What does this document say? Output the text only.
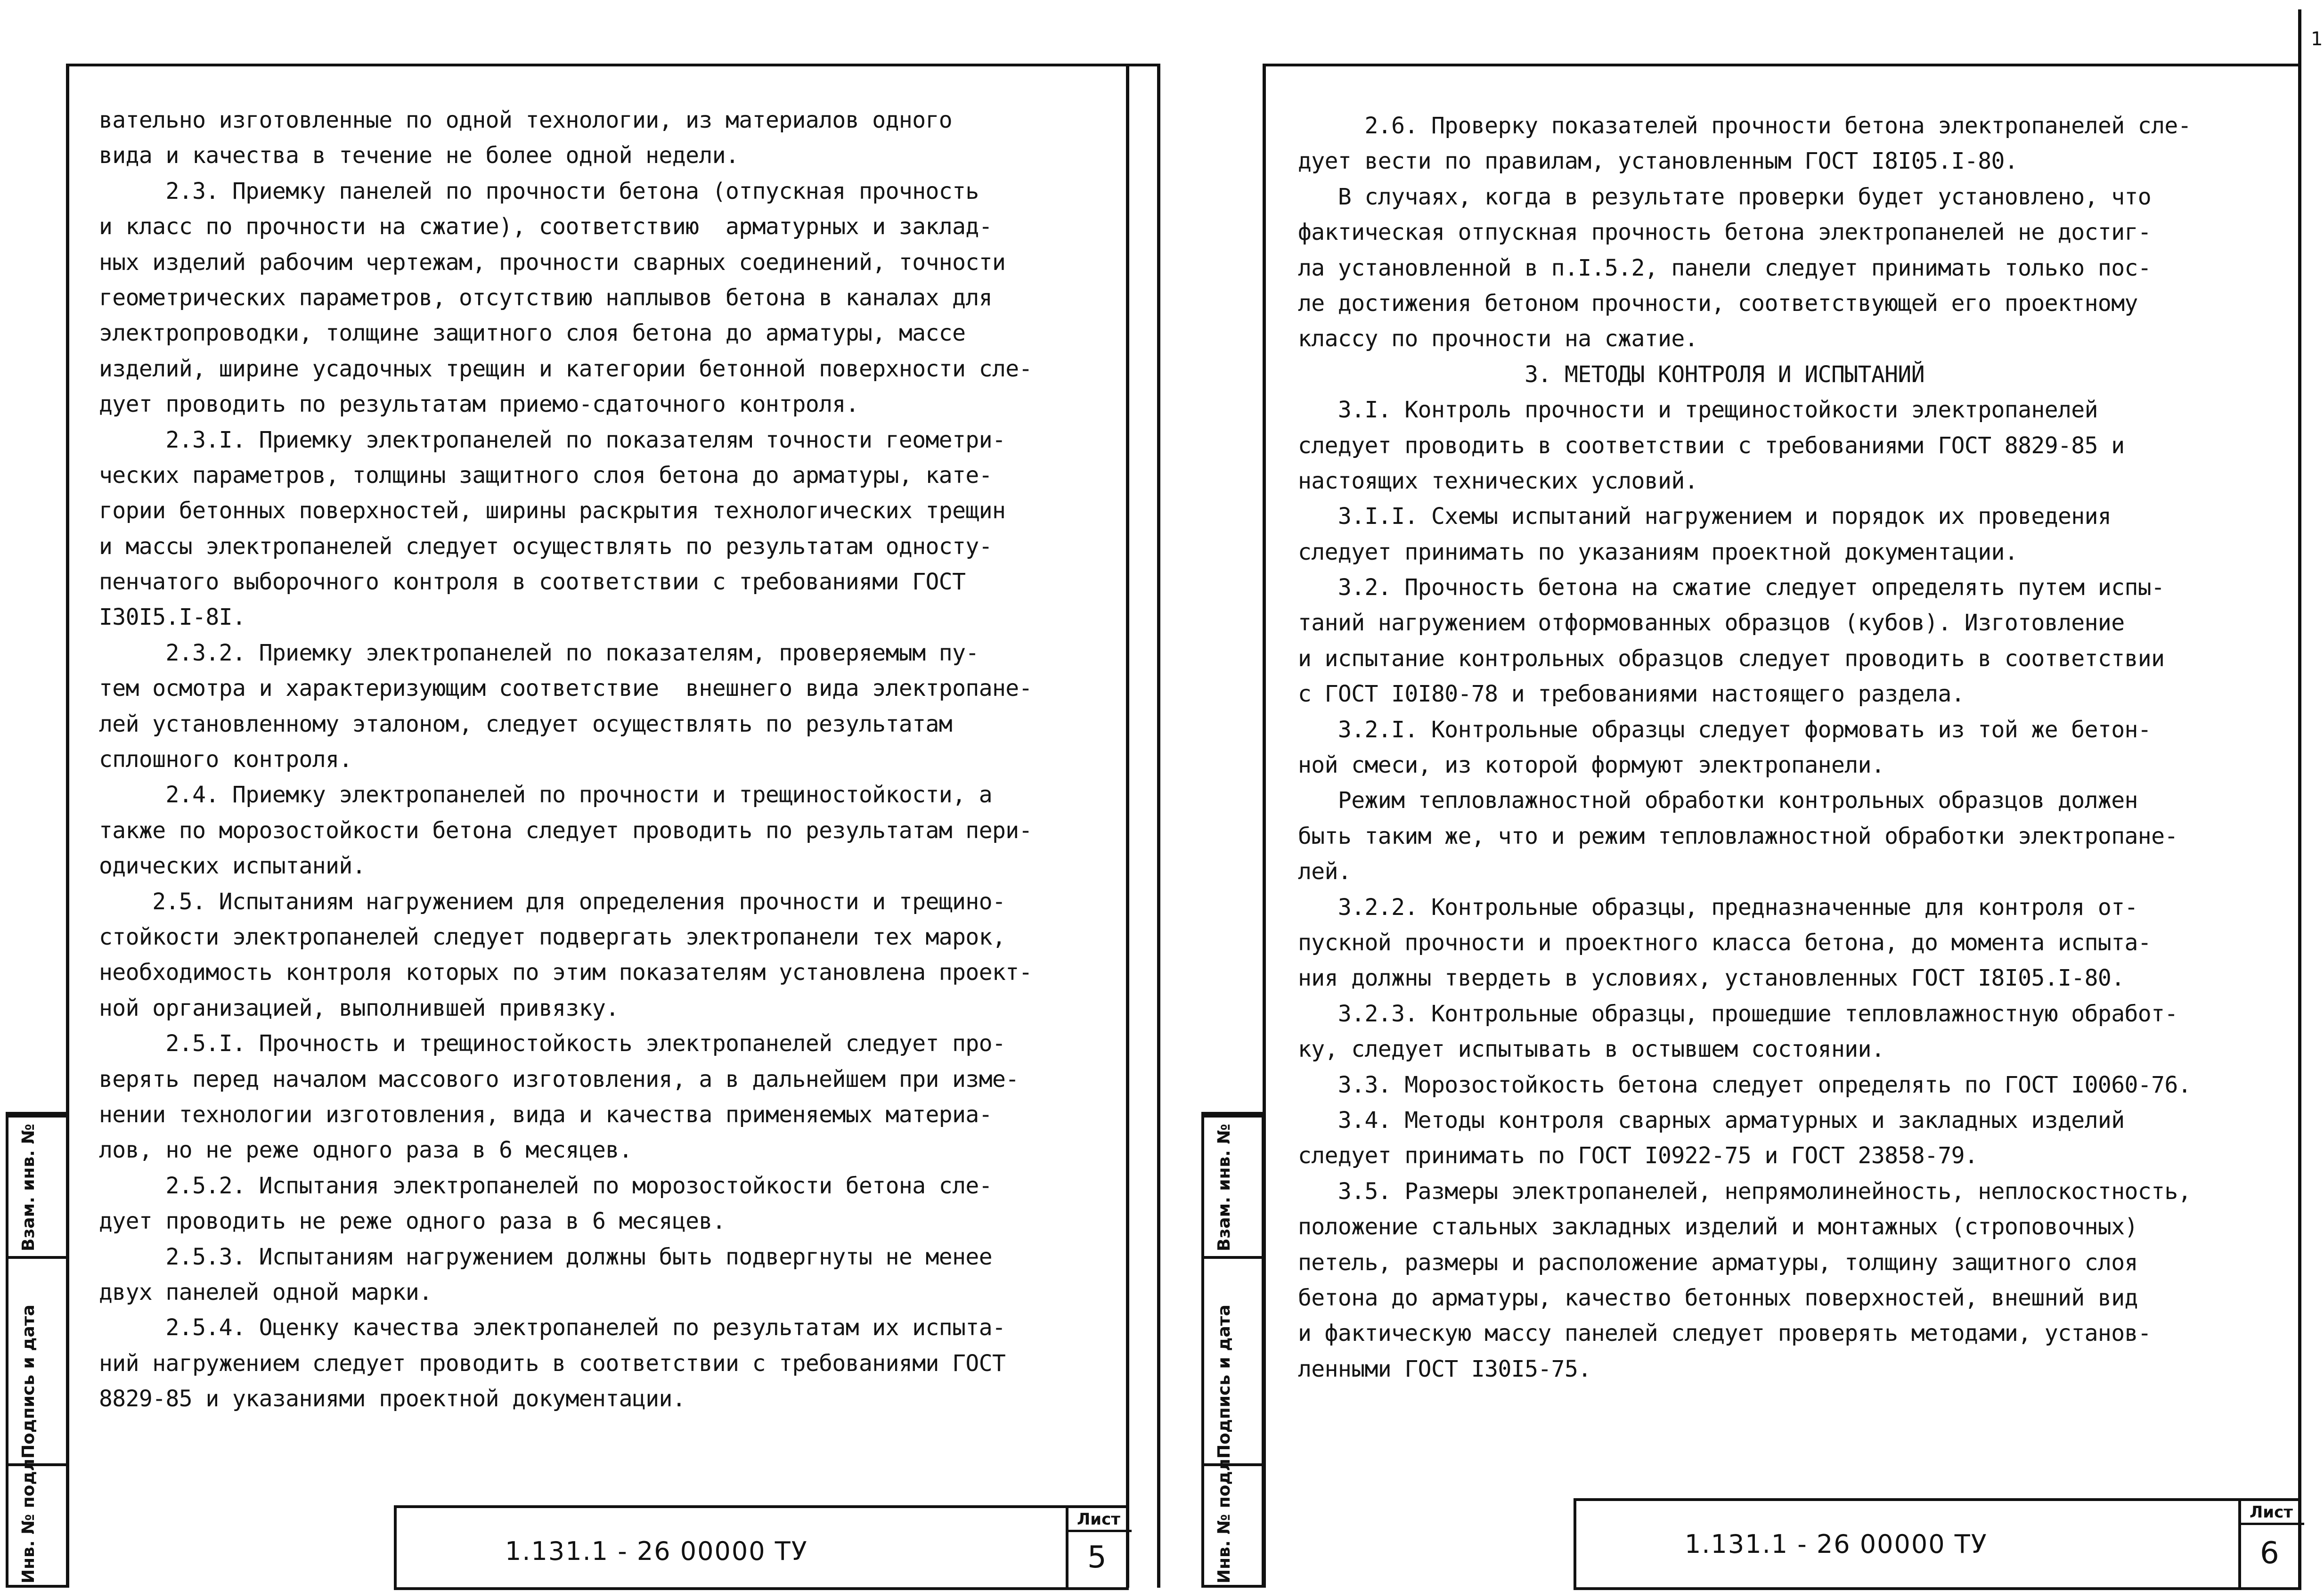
вательно изготовленные по одной технологии, из материалов одного
вида и качества в течение не более одной недели.
2.3. Приемку панелей по прочности бетона (отпускная прочность
и класс по прочности на сжатие), соответствию  арматурных и заклад-
ных изделий рабочим чертежам, прочности сварных соединений, точности
геометрических параметров, отсутствию наплывов бетона в каналах для
электропроводки, толщине защитного слоя бетона до арматуры, массе
изделий, ширине усадочных трещин и категории бетонной поверхности сле-
дует проводить по результатам приемо-сдаточного контроля.
2.3.I. Приемку электропанелей по показателям точности геометри-
ческих параметров, толщины защитного слоя бетона до арматуры, кате-
гории бетонных поверхностей, ширины раскрытия технологических трещин
и массы электропанелей следует осуществлять по результатам односту-
пенчатого выборочного контроля в соответствии с требованиями ГОСТ
I30I5.I-8I.
2.3.2. Приемку электропанелей по показателям, проверяемым пу-
тем осмотра и характеризующим соответствие  внешнего вида электропане-
лей установленному эталоном, следует осуществлять по результатам
сплошного контроля.
2.4. Приемку электропанелей по прочности и трещиностойкости, а
также по морозостойкости бетона следует проводить по результатам пери-
одических испытаний.
2.5. Испытаниям нагружением для определения прочности и трещино-
стойкости электропанелей следует подвергать электропанели тех марок,
необходимость контроля которых по этим показателям установлена проект-
ной организацией, выполнившей привязку.
2.5.I. Прочность и трещиностойкость электропанелей следует про-
верять перед началом массового изготовления, а в дальнейшем при изме-
нении технологии изготовления, вида и качества применяемых материа-
лов, но не реже одного раза в 6 месяцев.
2.5.2. Испытания электропанелей по морозостойкости бетона сле-
дует проводить не реже одного раза в 6 месяцев.
2.5.3. Испытаниям нагружением должны быть подвергнуты не менее
двух панелей одной марки.
2.5.4. Оценку качества электропанелей по результатам их испыта-
ний нагружением следует проводить в соответствии с требованиями ГОСТ
8829-85 и указаниями проектной документации.
Взам. инв. №
Подпись и дата
Инв. № подл.	1.131.1 - 26 00000 ТУ
Лист
5
1
2.6. Проверку показателей прочности бетона электропанелей сле-
дует вести по правилам, установленным ГОСТ I8I05.I-80.
В случаях, когда в результате проверки будет установлено, что
фактическая отпускная прочность бетона электропанелей не достиг-
ла установленной в п.I.5.2, панели следует принимать только пос-
ле достижения бетоном прочности, соответствующей его проектному
классу по прочности на сжатие.
3. МЕТОДЫ КОНТРОЛЯ И ИСПЫТАНИЙ
3.I. Контроль прочности и трещиностойкости электропанелей
следует проводить в соответствии с требованиями ГОСТ 8829-85 и
настоящих технических условий.
3.I.I. Схемы испытаний нагружением и порядок их проведения
следует принимать по указаниям проектной документации.
3.2. Прочность бетона на сжатие следует определять путем испы-
таний нагружением отформованных образцов (кубов). Изготовление
и испытание контрольных образцов следует проводить в соответствии
с ГОСТ I0I80-78 и требованиями настоящего раздела.
3.2.I. Контрольные образцы следует формовать из той же бетон-
ной смеси, из которой формуют электропанели.
Режим тепловлажностной обработки контрольных образцов должен
быть таким же, что и режим тепловлажностной обработки электропане-
лей.
3.2.2. Контрольные образцы, предназначенные для контроля от-
пускной прочности и проектного класса бетона, до момента испыта-
ния должны твердеть в условиях, установленных ГОСТ I8I05.I-80.
3.2.3. Контрольные образцы, прошедшие тепловлажностную обработ-
ку, следует испытывать в остывшем состоянии.
3.3. Морозостойкость бетона следует определять по ГОСТ I0060-76.
3.4. Методы контроля сварных арматурных и закладных изделий
следует принимать по ГОСТ I0922-75 и ГОСТ 23858-79.
3.5. Размеры электропанелей, непрямолинейность, неплоскостность,
положение стальных закладных изделий и монтажных (строповочных)
петель, размеры и расположение арматуры, толщину защитного слоя
бетона до арматуры, качество бетонных поверхностей, внешний вид
и фактическую массу панелей следует проверять методами, установ-
ленными ГОСТ I30I5-75.
Взам. инв. №
Подпись и дата
Инв. № подл.	1.131.1 - 26 00000 ТУ
Лист
6
